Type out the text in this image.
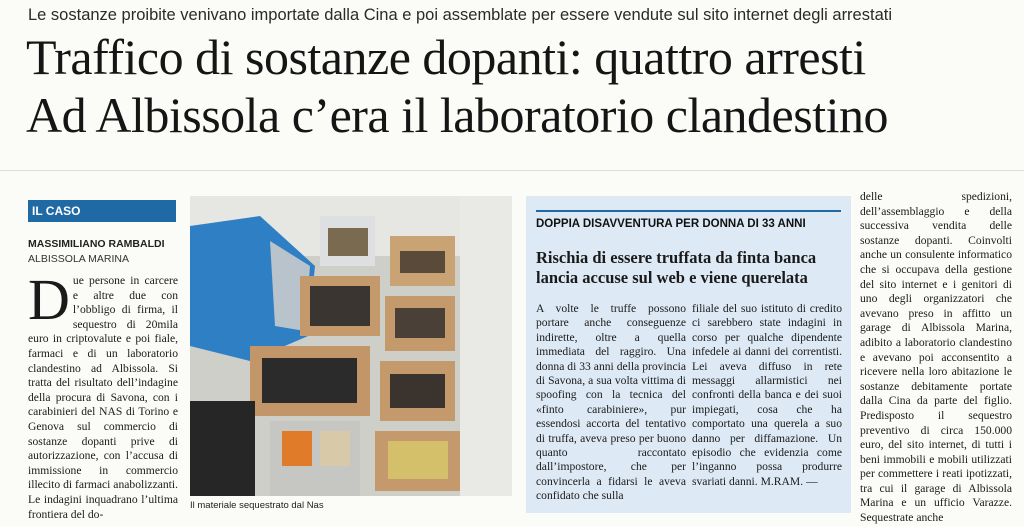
Le sostanze proibite venivano importate dalla Cina e poi assemblate per essere vendute sul sito internet degli arrestati
Traffico di sostanze dopanti: quattro arresti
Ad Albissola c’era il laboratorio clandestino
IL CASO
MASSIMILIANO RAMBALDI
ALBISSOLA MARINA
Due persone in carcere e altre due con l’obbligo di firma, il sequestro di 20mila euro in criptovalute e poi fiale, farmaci e di un laboratorio clandestino ad Albissola. Si tratta del risultato dell’indagine della procura di Savona, con i carabinieri del NAS di Torino e Genova sul commercio di sostanze dopanti prive di autorizzazione, con l’accusa di immissione in commercio illecito di farmaci anabolizzanti. Le indagini inquadrano l’ultima frontiera del do-
Il materiale sequestrato dal Nas
DOPPIA DISAVVENTURA PER DONNA DI 33 ANNI
Rischia di essere truffata da finta banca lancia accuse sul web e viene querelata
A volte le truffe possono portare anche conseguenze indirette, oltre a quella immediata del raggiro. Una donna di 33 anni della provincia di Savona, a sua volta vittima di spoofing con la tecnica del «finto carabiniere», pur essendosi accorta del tentativo di truffa, aveva preso per buono quanto raccontato dall’impostore, che per convincerla a fidarsi le aveva confidato che sulla
filiale del suo istituto di credito ci sarebbero state indagini in corso per qualche dipendente infedele ai danni dei correntisti. Lei aveva diffuso in rete messaggi allarmistici nei confronti della banca e dei suoi impiegati, cosa che ha comportato una querela a suo danno per diffamazione. Un episodio che evidenzia come l’inganno possa produrre svariati danni. M.RAM. —
delle spedizioni, dell’assemblaggio e della successiva vendita delle sostanze dopanti. Coinvolti anche un consulente informatico che si occupava della gestione del sito internet e i genitori di uno degli organizzatori che avevano preso in affitto un garage di Albissola Marina, adibito a laboratorio clandestino e avevano poi acconsentito a ricevere nella loro abitazione le sostanze debitamente portate dalla Cina da parte del figlio. Predisposto il sequestro preventivo di circa 150.000 euro, del sito internet, di tutti i beni immobili e mobili utilizzati per commettere i reati ipotizzati, tra cui il garage di Albissola Marina e un ufficio Varazze. Sequestrate anche
